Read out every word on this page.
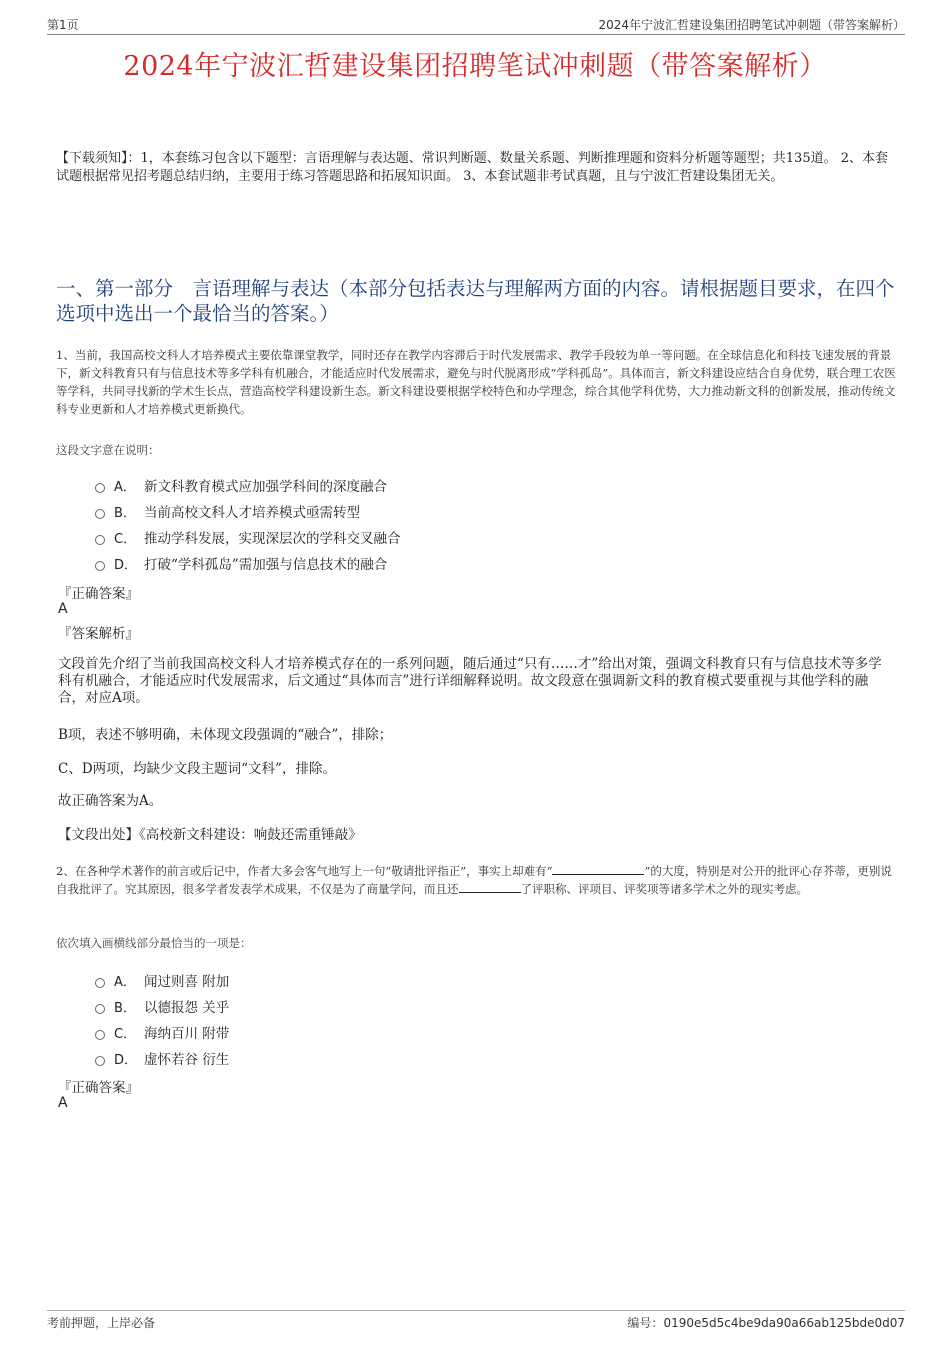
第1页	2024年宁波汇哲建设集团招聘笔试冲刺题（带答案解析）
2024年宁波汇哲建设集团招聘笔试冲刺题（带答案解析）
【下载须知】：1，本套练习包含以下题型：言语理解与表达题、常识判断题、数量关系题、判断推理题和资料分析题等题型；共135道。 2、本套试题根据常见招考题总结归纳，主要用于练习答题思路和拓展知识面。 3、本套试题非考试真题，且与宁波汇哲建设集团无关。
一、第一部分　言语理解与表达（本部分包括表达与理解两方面的内容。请根据题目要求，在四个选项中选出一个最恰当的答案。）
1、当前，我国高校文科人才培养模式主要依靠课堂教学，同时还存在教学内容滞后于时代发展需求、教学手段较为单一等问题。在全球信息化和科技飞速发展的背景下，新文科教育只有与信息技术等多学科有机融合，才能适应时代发展需求，避免与时代脱离形成“学科孤岛”。具体而言，新文科建设应结合自身优势，联合理工农医等学科，共同寻找新的学术生长点，营造高校学科建设新生态。新文科建设要根据学校特色和办学理念，综合其他学科优势，大力推动新文科的创新发展，推动传统文科专业更新和人才培养模式更新换代。
这段文字意在说明：
A． 新文科教育模式应加强学科间的深度融合
B． 当前高校文科人才培养模式亟需转型
C． 推动学科发展，实现深层次的学科交叉融合
D． 打破“学科孤岛”需加强与信息技术的融合
『正确答案』
A
『答案解析』
文段首先介绍了当前我国高校文科人才培养模式存在的一系列问题，随后通过“只有……才”给出对策，强调文科教育只有与信息技术等多学科有机融合，才能适应时代发展需求，后文通过“具体而言”进行详细解释说明。故文段意在强调新文科的教育模式要重视与其他学科的融合，对应A项。
B项，表述不够明确，未体现文段强调的“融合”，排除；
C、D两项，均缺少文段主题词“文科”，排除。
故正确答案为A。
【文段出处】《高校新文科建设：响鼓还需重锤敲》
2、在各种学术著作的前言或后记中，作者大多会客气地写上一句“敬请批评指正”，事实上却难有“	”的大度，特别是对公开的批评心存芥蒂，更别说自我批评了。究其原因，很多学者发表学术成果，不仅是为了商量学问，而且还	了评职称、评项目、评奖项等诸多学术之外的现实考虑。
依次填入画横线部分最恰当的一项是：
A． 闻过则喜 附加
B． 以德报怨 关乎
C． 海纳百川 附带
D． 虚怀若谷 衍生
『正确答案』
A
考前押题，上岸必备	编号：0190e5d5c4be9da90a66ab125bde0d07
